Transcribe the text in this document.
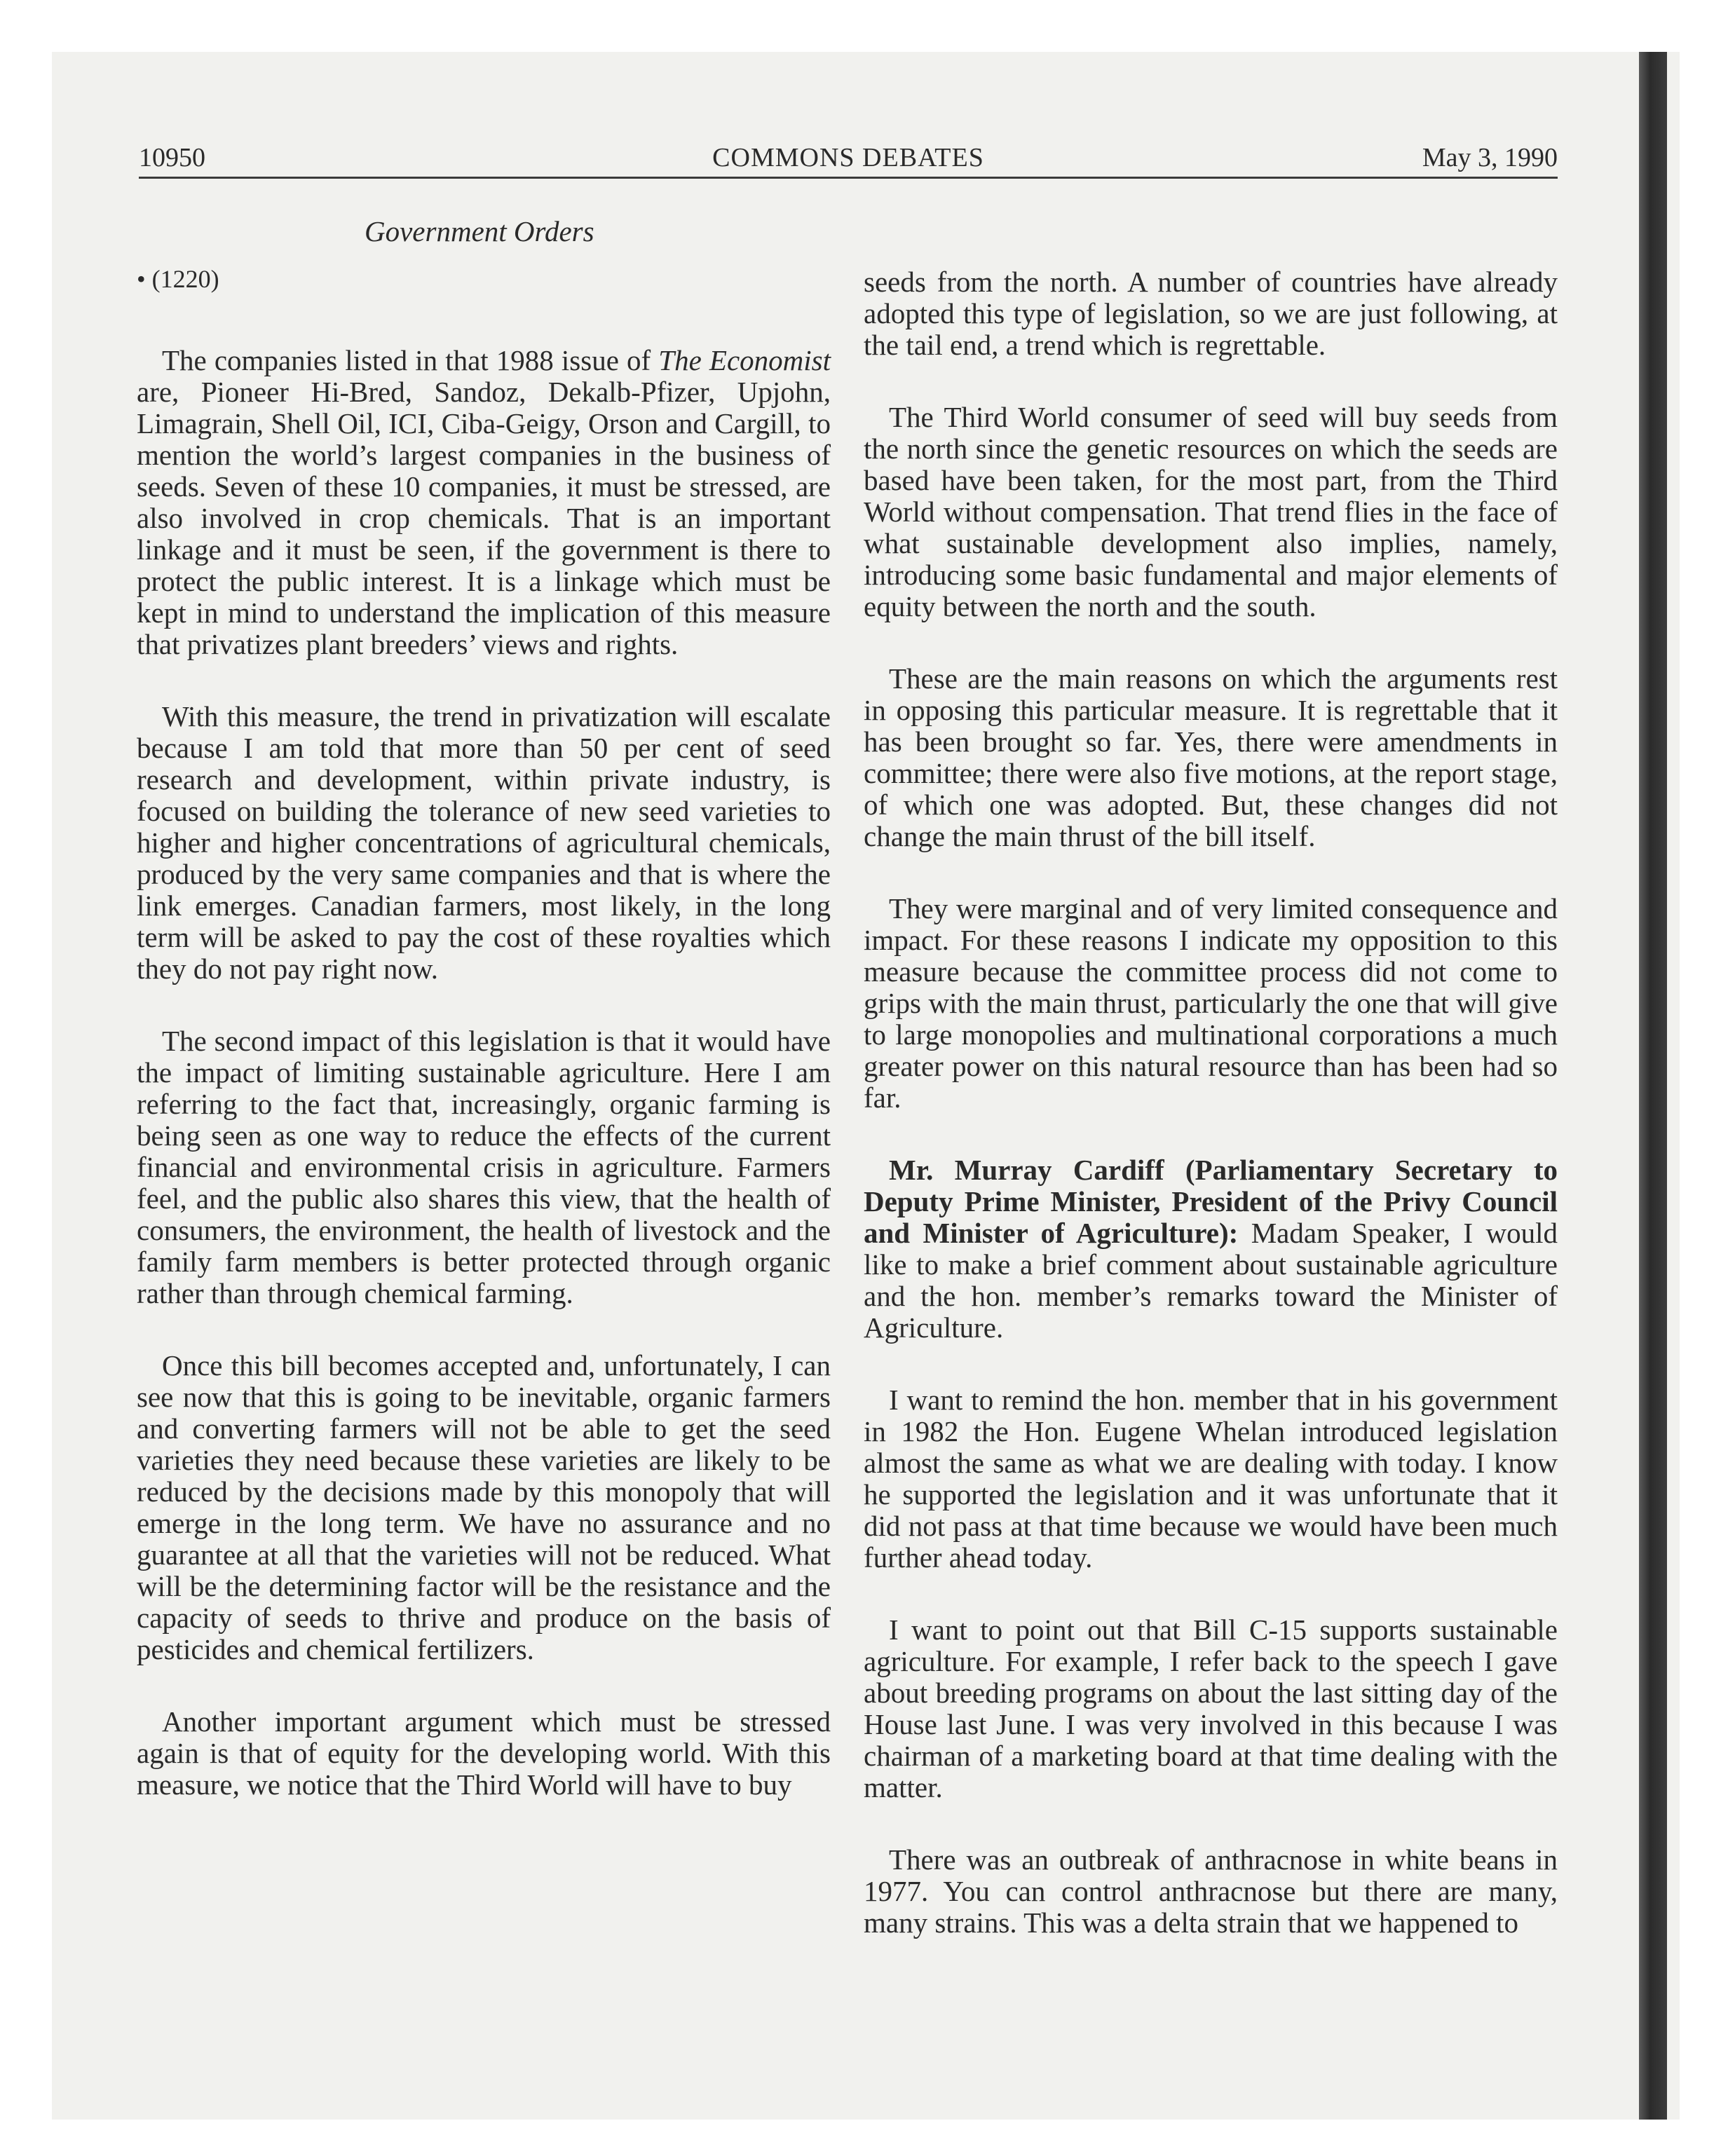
10950	COMMONS DEBATES	May 3, 1990
Government Orders
• (1220)

The companies listed in that 1988 issue of The Economist are, Pioneer Hi-Bred, Sandoz, Dekalb-Pfizer, Upjohn, Limagrain, Shell Oil, ICI, Ciba-Geigy, Orson and Cargill, to mention the world’s largest companies in the business of seeds. Seven of these 10 companies, it must be stressed, are also involved in crop chemicals. That is an important linkage and it must be seen, if the government is there to protect the public interest. It is a linkage which must be kept in mind to understand the implication of this measure that privatizes plant breeders’ views and rights.

With this measure, the trend in privatization will escalate because I am told that more than 50 per cent of seed research and development, within private industry, is focused on building the tolerance of new seed varieties to higher and higher concentrations of agricultural chemicals, produced by the very same companies and that is where the link emerges. Canadian farmers, most likely, in the long term will be asked to pay the cost of these royalties which they do not pay right now.

The second impact of this legislation is that it would have the impact of limiting sustainable agriculture. Here I am referring to the fact that, increasingly, organic farming is being seen as one way to reduce the effects of the current financial and environmental crisis in agriculture. Farmers feel, and the public also shares this view, that the health of consumers, the environment, the health of livestock and the family farm members is better protected through organic rather than through chemical farming.

Once this bill becomes accepted and, unfortunately, I can see now that this is going to be inevitable, organic farmers and converting farmers will not be able to get the seed varieties they need because these varieties are likely to be reduced by the decisions made by this monopoly that will emerge in the long term. We have no assurance and no guarantee at all that the varieties will not be reduced. What will be the determining factor will be the resistance and the capacity of seeds to thrive and produce on the basis of pesticides and chemical fertilizers.

Another important argument which must be stressed again is that of equity for the developing world. With this measure, we notice that the Third World will have to buy

seeds from the north. A number of countries have already adopted this type of legislation, so we are just following, at the tail end, a trend which is regrettable.

The Third World consumer of seed will buy seeds from the north since the genetic resources on which the seeds are based have been taken, for the most part, from the Third World without compensation. That trend flies in the face of what sustainable development also implies, namely, introducing some basic fundamental and major elements of equity between the north and the south.

These are the main reasons on which the arguments rest in opposing this particular measure. It is regrettable that it has been brought so far. Yes, there were amendments in committee; there were also five motions, at the report stage, of which one was adopted. But, these changes did not change the main thrust of the bill itself.

They were marginal and of very limited consequence and impact. For these reasons I indicate my opposition to this measure because the committee process did not come to grips with the main thrust, particularly the one that will give to large monopolies and multinational corporations a much greater power on this natural resource than has been had so far.

Mr. Murray Cardiff (Parliamentary Secretary to Deputy Prime Minister, President of the Privy Council and Minister of Agriculture): Madam Speaker, I would like to make a brief comment about sustainable agriculture and the hon. member’s remarks toward the Minister of Agriculture.

I want to remind the hon. member that in his government in 1982 the Hon. Eugene Whelan introduced legislation almost the same as what we are dealing with today. I know he supported the legislation and it was unfortunate that it did not pass at that time because we would have been much further ahead today.

I want to point out that Bill C-15 supports sustainable agriculture. For example, I refer back to the speech I gave about breeding programs on about the last sitting day of the House last June. I was very involved in this because I was chairman of a marketing board at that time dealing with the matter.

There was an outbreak of anthracnose in white beans in 1977. You can control anthracnose but there are many, many strains. This was a delta strain that we happened to
